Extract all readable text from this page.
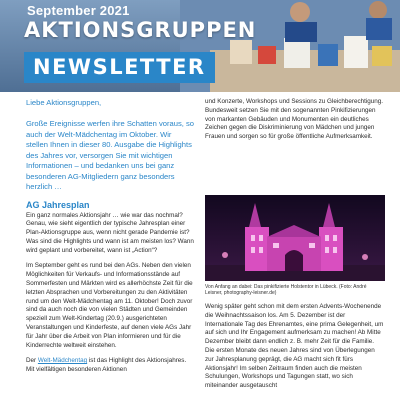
September 2021
AKTIONSGRUPPEN
NEWSLETTER

Liebe Aktionsgruppen,

Große Ereignisse werfen ihre Schatten voraus, so auch der Welt-Mädchentag im Oktober. Wir stellen Ihnen in dieser 80. Ausgabe die Highlights des Jahres vor, versorgen Sie mit wichtigen Informationen – und bedanken uns bei ganz besonderen AG-Mitgliedern ganz besonders herzlich …

AG Jahresplan

Ein ganz normales Aktionsjahr … wie war das nochmal? Genau, wie sieht eigentlich der typische Jahresplan einer Plan-Aktionsgruppe aus, wenn nicht gerade Pandemie ist? Was sind die Highlights und wann ist am meisten los? Wann wird geplant und vorbereitet, wann ist „Action“?

Im September geht es rund bei den AGs. Neben den vielen Möglichkeiten für Verkaufs- und Informationsstände auf Sommerfesten und Märkten wird es allerhöchste Zeit für die letzten Absprachen und Vorbereitungen zu den Aktivitäten rund um den Welt-Mädchentag am 11. Oktober! Doch zuvor sind da auch noch die von vielen Städten und Gemeinden speziell zum Welt-Kindertag (20.9.) ausgerichteten Veranstaltungen und Kinderfeste, auf denen viele AGs Jahr für Jahr über die Arbeit von Plan informieren und für die Kinderrechte weltweit einstehen.

Der Welt-Mädchentag ist das Highlight des Aktionsjahres. Mit vielfältigen besonderen Aktionen

und Konzerte, Workshops und Sessions zu Gleichberechtigung. Bundesweit setzen Sie mit den sogenannten Pinkifizierungen von markanten Gebäuden und Monumenten ein deutliches Zeichen gegen die Diskriminierung von Mädchen und jungen Frauen und sorgen so für große öffentliche Aufmerksamkeit.

Von Anfang an dabei: Das pinkifizierte Holstentor in Lübeck. (Foto: André Leisner, photography-leisner.de)
Wenig später geht schon mit dem ersten Advents-Wochenende die Weihnachtssaison los. Am 5. Dezember ist der Internationale Tag des Ehrenamtes, eine prima Gelegenheit, um auf sich und Ihr Engagement aufmerksam zu machen! Ab Mitte Dezember bleibt dann endlich z. B. mehr Zeit für die Familie. Die ersten Monate des neuen Jahres sind von Überlegungen zur Jahresplanung geprägt, die AG macht sich fit fürs Aktionsjahr! Im selben Zeitraum finden auch die meisten Schulungen, Workshops und Tagungen statt, wo sich miteinander ausgetauscht
